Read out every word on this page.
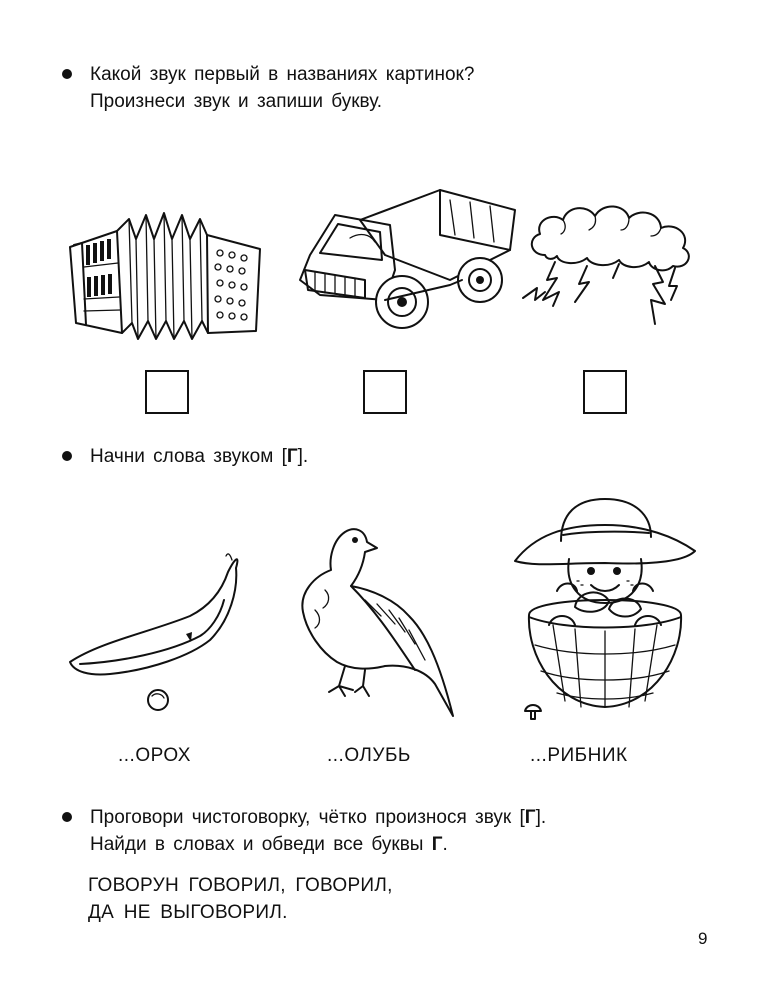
Какой звук первый в названиях картинок?
Произнеси звук и запиши букву.
Начни слова звуком [Г].
...ОРОХ	...ОЛУБЬ	...РИБНИК
Проговори чистоговорку, чётко произнося звук [Г].
Найди в словах и обведи все буквы Г.
ГОВОРУН ГОВОРИЛ, ГОВОРИЛ,
ДА НЕ ВЫГОВОРИЛ.
9
